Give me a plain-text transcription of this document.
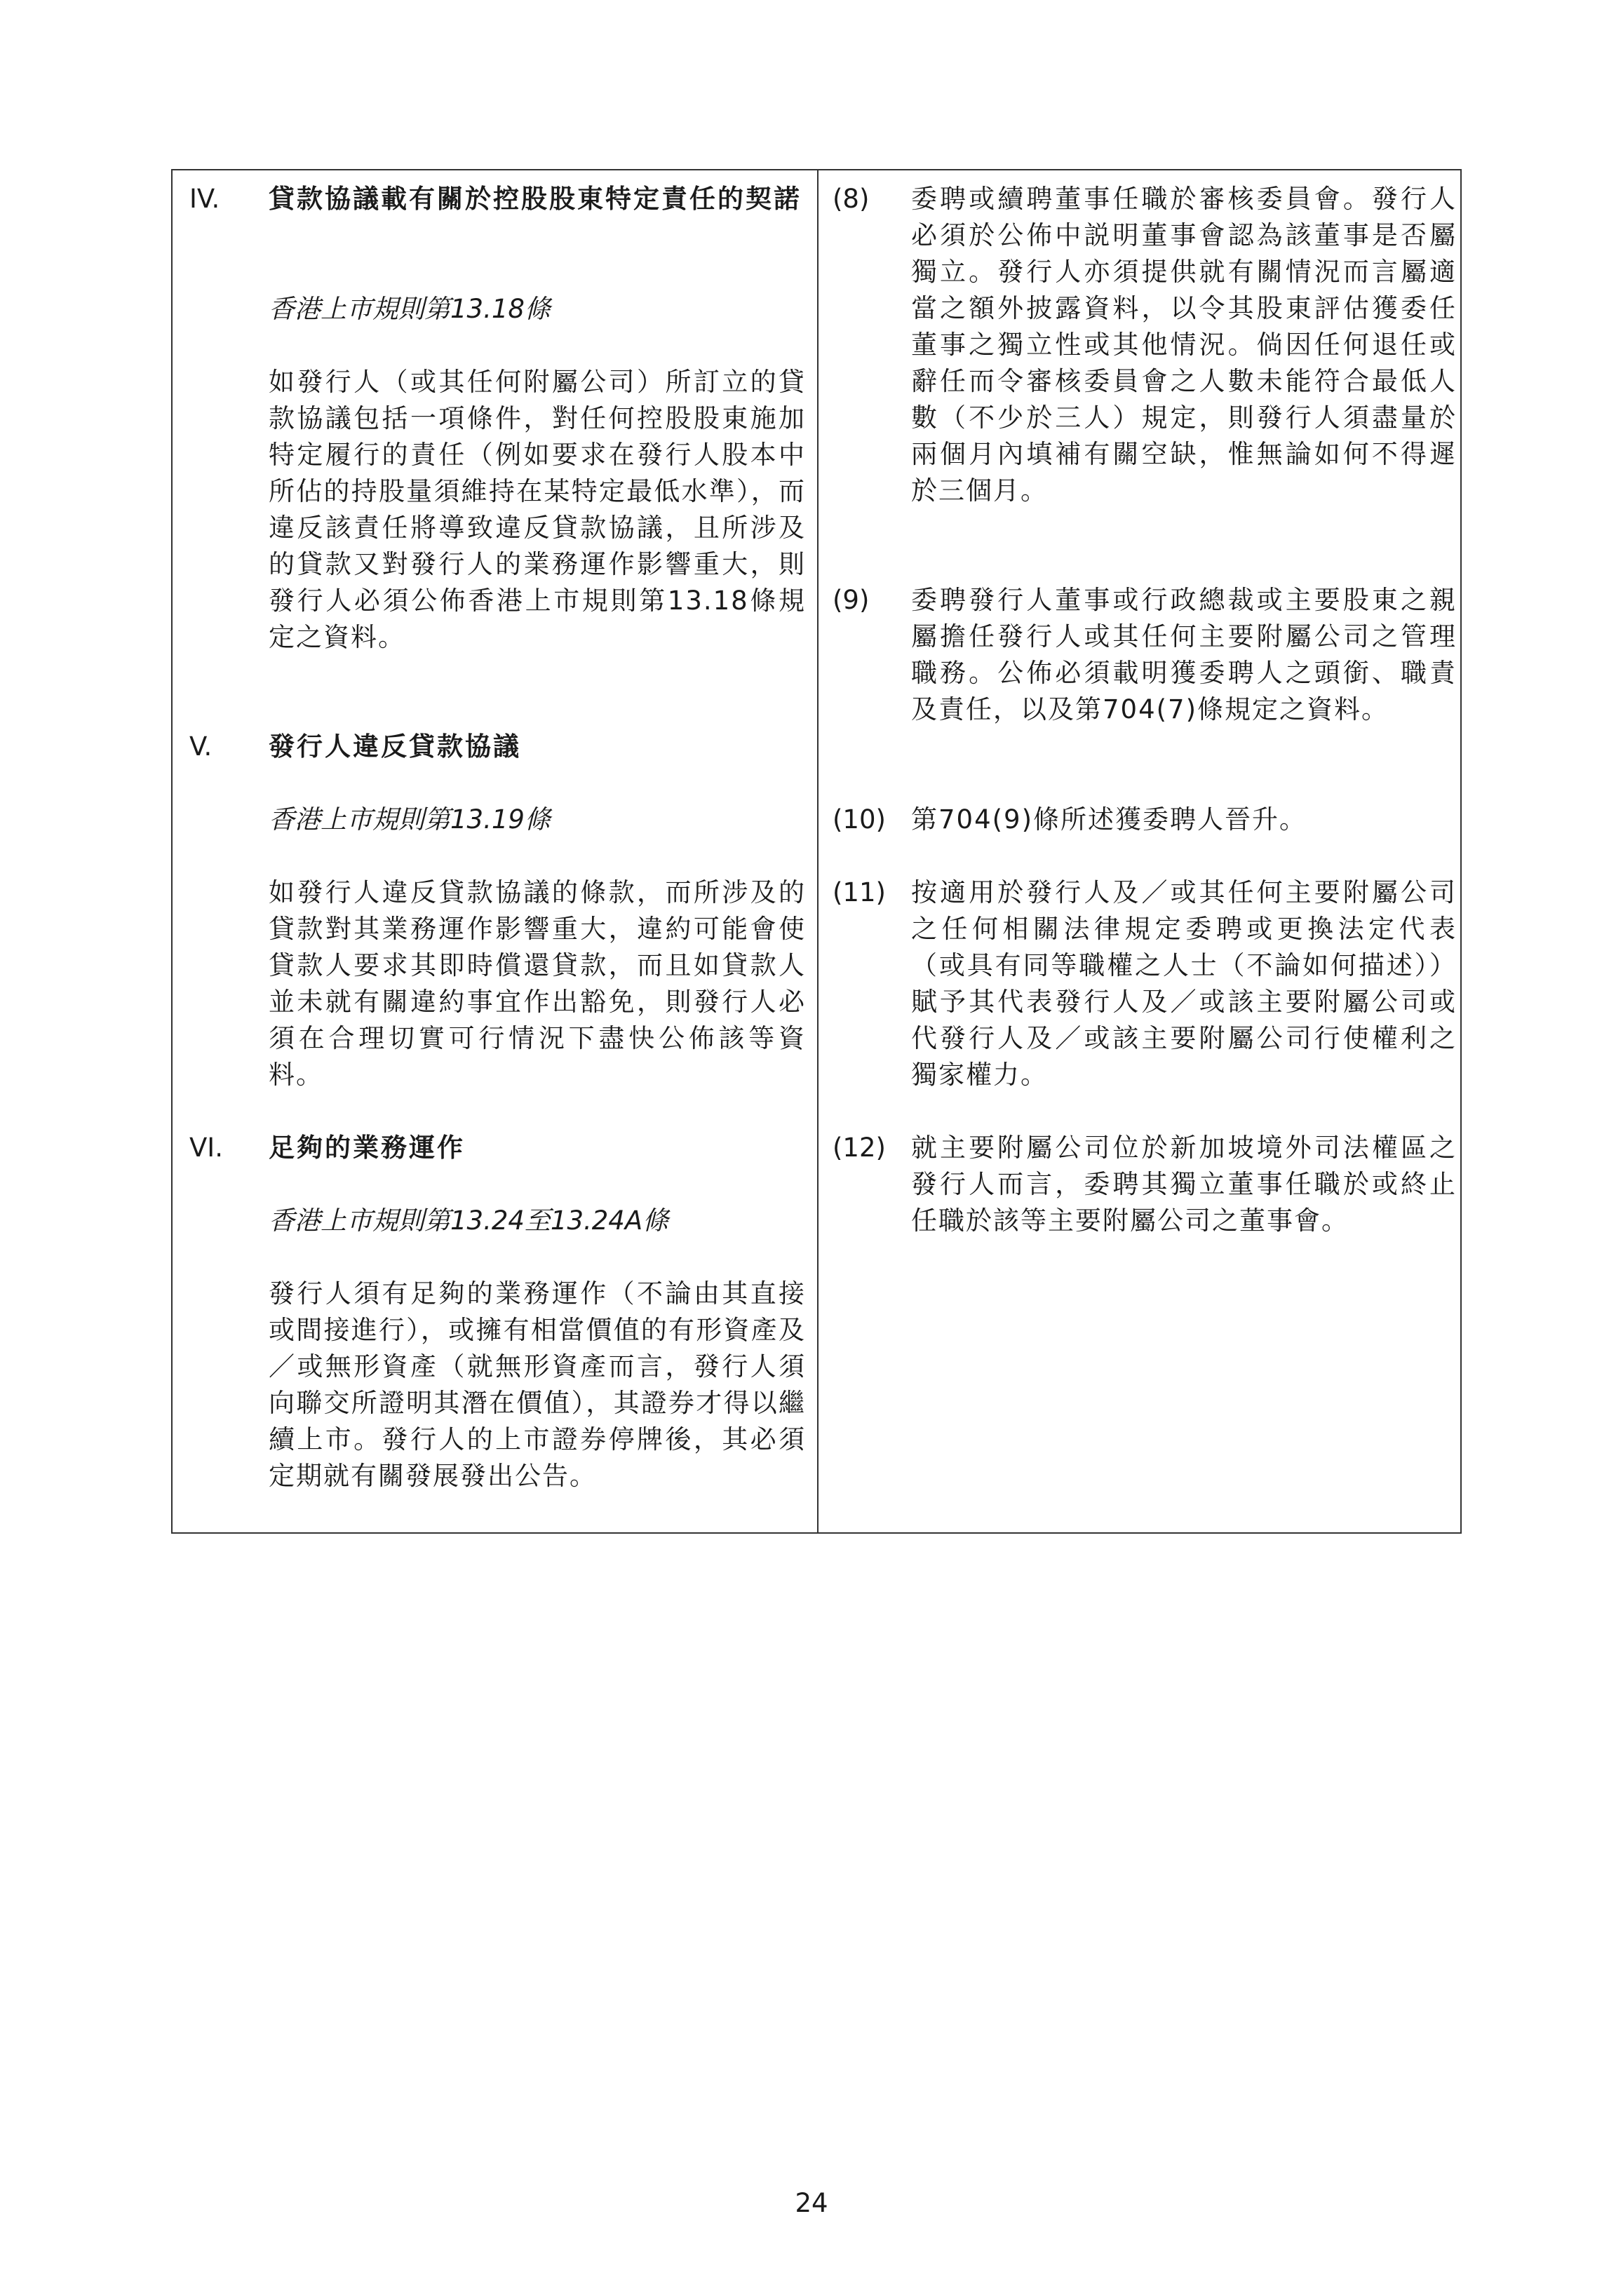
IV. 貸款協議載有關於控股股東特定責任的契諾
香港上市規則第13.18條
如發行人（或其任何附屬公司）所訂立的貸款協議包括一項條件，對任何控股股東施加特定履行的責任（例如要求在發行人股本中所佔的持股量須維持在某特定最低水準），而違反該責任將導致違反貸款協議，且所涉及的貸款又對發行人的業務運作影響重大，則發行人必須公佈香港上市規則第13.18條規定之資料。
V. 發行人違反貸款協議
香港上市規則第13.19條
如發行人違反貸款協議的條款，而所涉及的貸款對其業務運作影響重大，違約可能會使貸款人要求其即時償還貸款，而且如貸款人並未就有關違約事宜作出豁免，則發行人必須在合理切實可行情況下盡快公佈該等資料。
VI. 足夠的業務運作
香港上市規則第13.24至13.24A條
發行人須有足夠的業務運作（不論由其直接或間接進行），或擁有相當價值的有形資產及／或無形資產（就無形資產而言，發行人須向聯交所證明其潛在價值），其證券才得以繼續上市。發行人的上市證券停牌後，其必須定期就有關發展發出公告。
(8) 委聘或續聘董事任職於審核委員會。發行人必須於公佈中説明董事會認為該董事是否屬獨立。發行人亦須提供就有關情況而言屬適當之額外披露資料，以令其股東評估獲委任董事之獨立性或其他情況。倘因任何退任或辭任而令審核委員會之人數未能符合最低人數（不少於三人）規定，則發行人須盡量於兩個月內填補有關空缺，惟無論如何不得遲於三個月。
(9) 委聘發行人董事或行政總裁或主要股東之親屬擔任發行人或其任何主要附屬公司之管理職務。公佈必須載明獲委聘人之頭銜、職責及責任，以及第704(7)條規定之資料。
(10) 第704(9)條所述獲委聘人晉升。
(11) 按適用於發行人及／或其任何主要附屬公司之任何相關法律規定委聘或更換法定代表（或具有同等職權之人士（不論如何描述））賦予其代表發行人及／或該主要附屬公司或代發行人及／或該主要附屬公司行使權利之獨家權力。
(12) 就主要附屬公司位於新加坡境外司法權區之發行人而言，委聘其獨立董事任職於或終止任職於該等主要附屬公司之董事會。
24
